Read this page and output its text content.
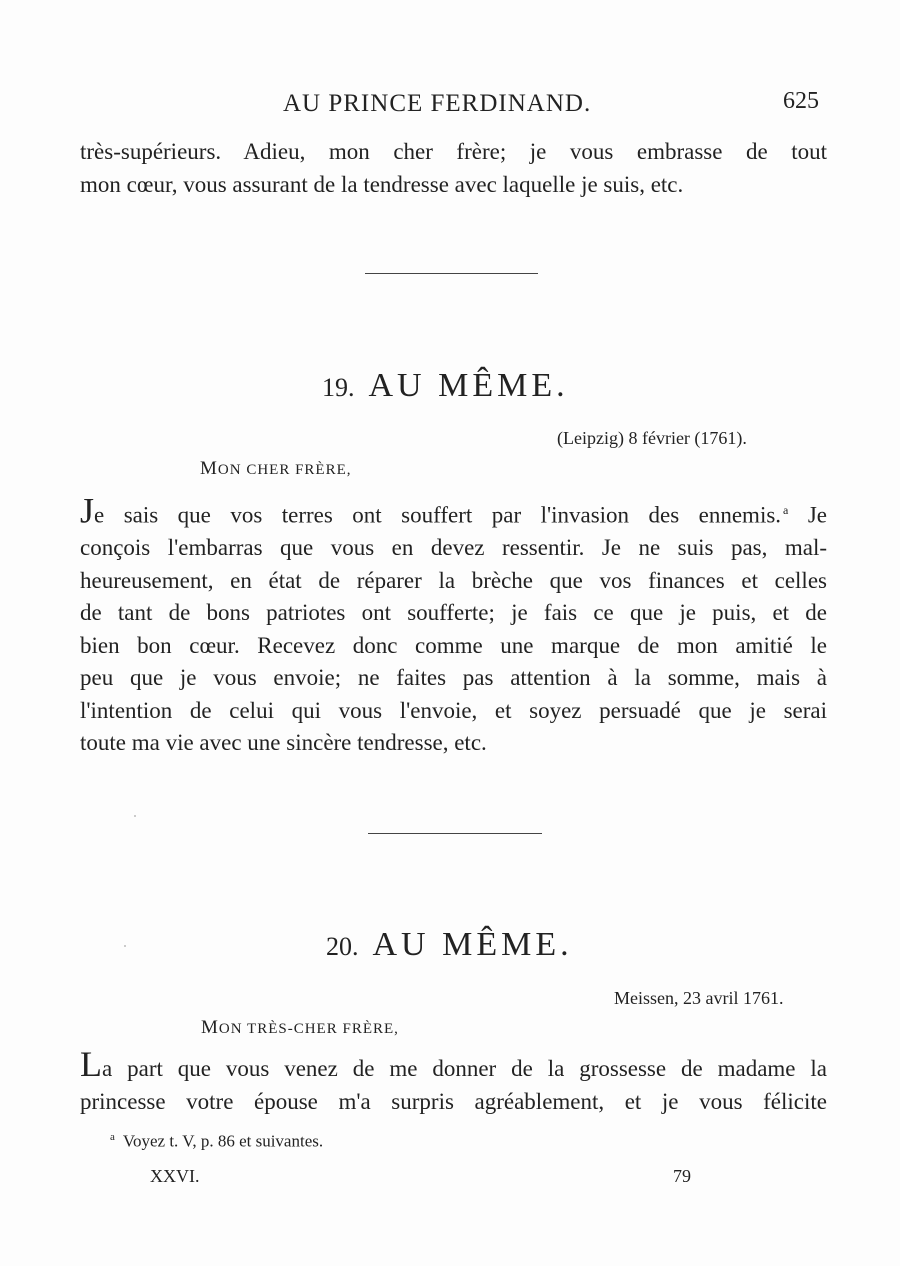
AU PRINCE FERDINAND.	625
très-supérieurs. Adieu, mon cher frère; je vous embrasse de tout
mon cœur, vous assurant de la tendresse avec laquelle je suis, etc.
19. AU MÊME.
(Leipzig) 8 février (1761).
MON CHER FRÈRE,
Je sais que vos terres ont souffert par l'invasion des ennemis. $^a$ Je
conçois l'embarras que vous en devez ressentir. Je ne suis pas, mal-
heureusement, en état de réparer la brèche que vos finances et celles
de tant de bons patriotes ont soufferte; je fais ce que je puis, et de
bien bon cœur. Recevez donc comme une marque de mon amitié le
peu que je vous envoie; ne faites pas attention à la somme, mais à
l'intention de celui qui vous l'envoie, et soyez persuadé que je serai
toute ma vie avec une sincère tendresse, etc.
20. AU MÊME.
Meissen, 23 avril 1761.
MON TRÈS-CHER FRÈRE,
La part que vous venez de me donner de la grossesse de madame la
princesse votre épouse m'a surpris agréablement, et je vous félicite
$^a$ Voyez t. V, p. 86 et suivantes.
XXVI.	79
